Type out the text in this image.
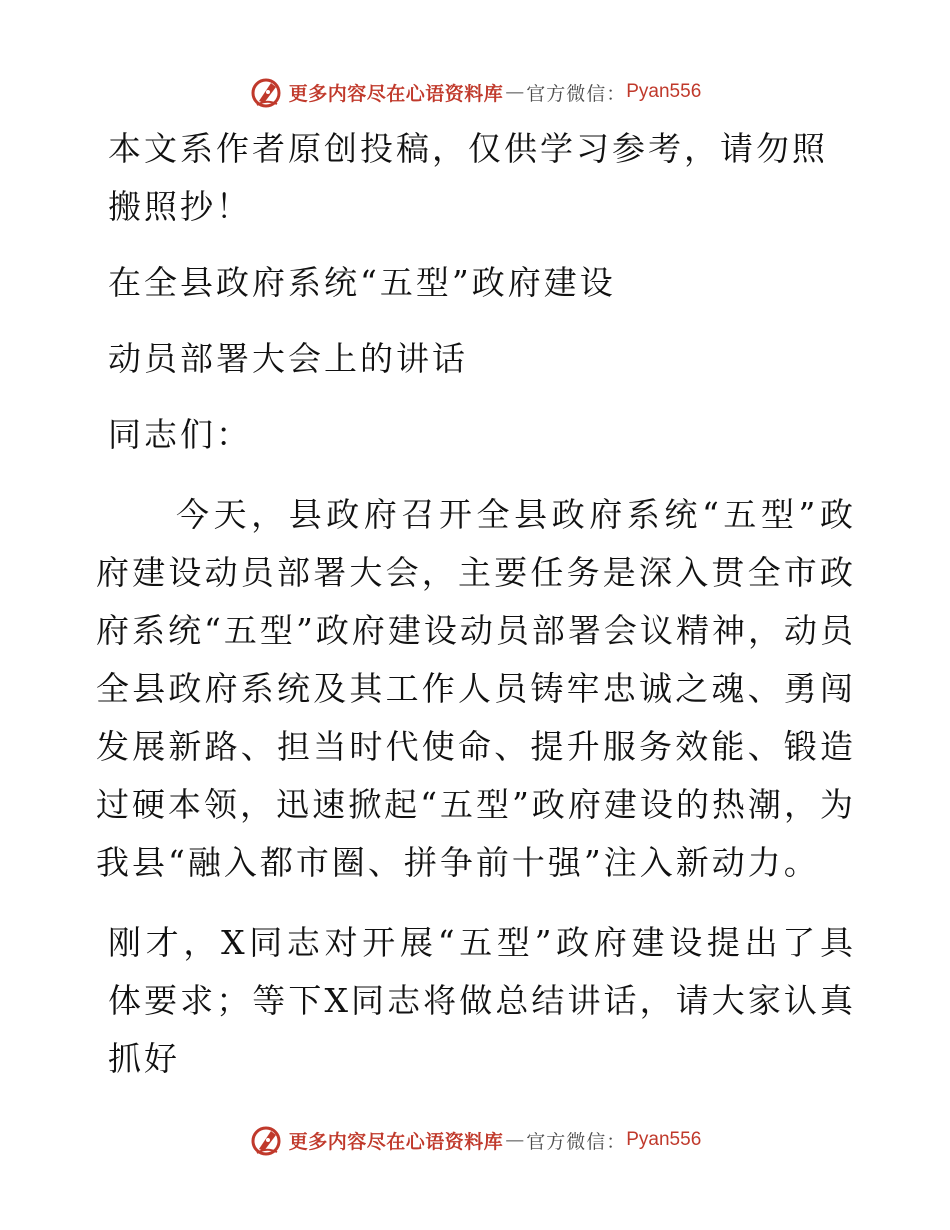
更多内容尽在心语资料库 — 官方微信： Pyan556

本文系作者原创投稿，仅供学习参考，请勿照搬照抄！

在全县政府系统“五型”政府建设

动员部署大会上的讲话

同志们：

今天，县政府召开全县政府系统“五型”政府建设动员部署大会，主要任务是深入贯全市政府系统“五型”政府建设动员部署会议精神，动员全县政府系统及其工作人员铸牢忠诚之魂、勇闯发展新路、担当时代使命、提升服务效能、锻造过硬本领，迅速掀起“五型”政府建设的热潮，为我县“融入都市圈、拼争前十强”注入新动力。

刚才，X同志对开展“五型”政府建设提出了具体要求；等下X同志将做总结讲话，请大家认真抓好

更多内容尽在心语资料库 — 官方微信： Pyan556
